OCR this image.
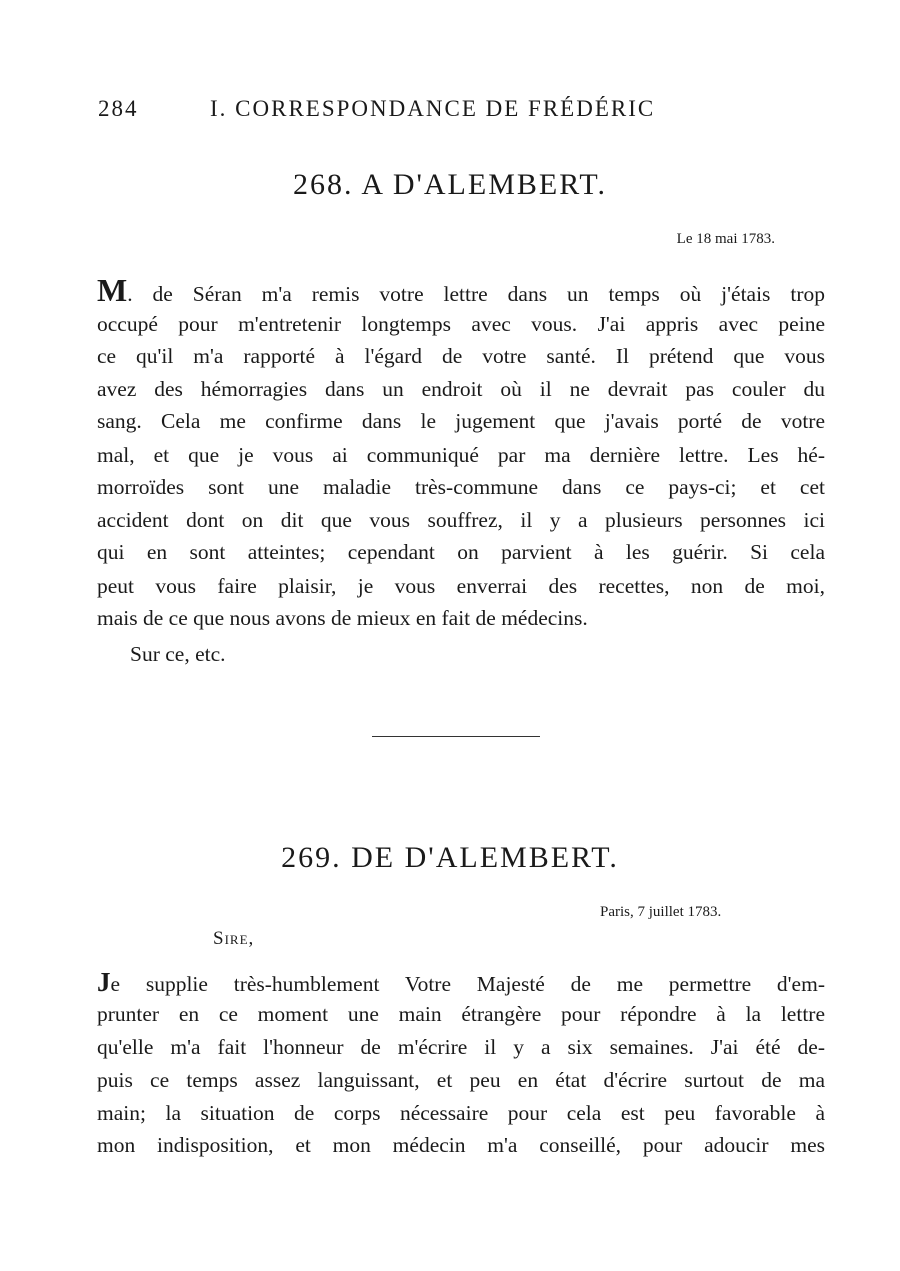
284	I. CORRESPONDANCE DE FRÉDÉRIC
268. A D'ALEMBERT.
Le 18 mai 1783.
M. de Séran m'a remis votre lettre dans un temps où j'étais trop
occupé pour m'entretenir longtemps avec vous. J'ai appris avec peine
ce qu'il m'a rapporté à l'égard de votre santé. Il prétend que vous
avez des hémorragies dans un endroit où il ne devrait pas couler du
sang. Cela me confirme dans le jugement que j'avais porté de votre
mal, et que je vous ai communiqué par ma dernière lettre. Les hé-
morroïdes sont une maladie très-commune dans ce pays-ci; et cet
accident dont on dit que vous souffrez, il y a plusieurs personnes ici
qui en sont atteintes; cependant on parvient à les guérir. Si cela
peut vous faire plaisir, je vous enverrai des recettes, non de moi,
mais de ce que nous avons de mieux en fait de médecins.
Sur ce, etc.
269. DE D'ALEMBERT.
Paris, 7 juillet 1783.
Sire,
Je supplie très-humblement Votre Majesté de me permettre d'em-
prunter en ce moment une main étrangère pour répondre à la lettre
qu'elle m'a fait l'honneur de m'écrire il y a six semaines. J'ai été de-
puis ce temps assez languissant, et peu en état d'écrire surtout de ma
main; la situation de corps nécessaire pour cela est peu favorable à
mon indisposition, et mon médecin m'a conseillé, pour adoucir mes
